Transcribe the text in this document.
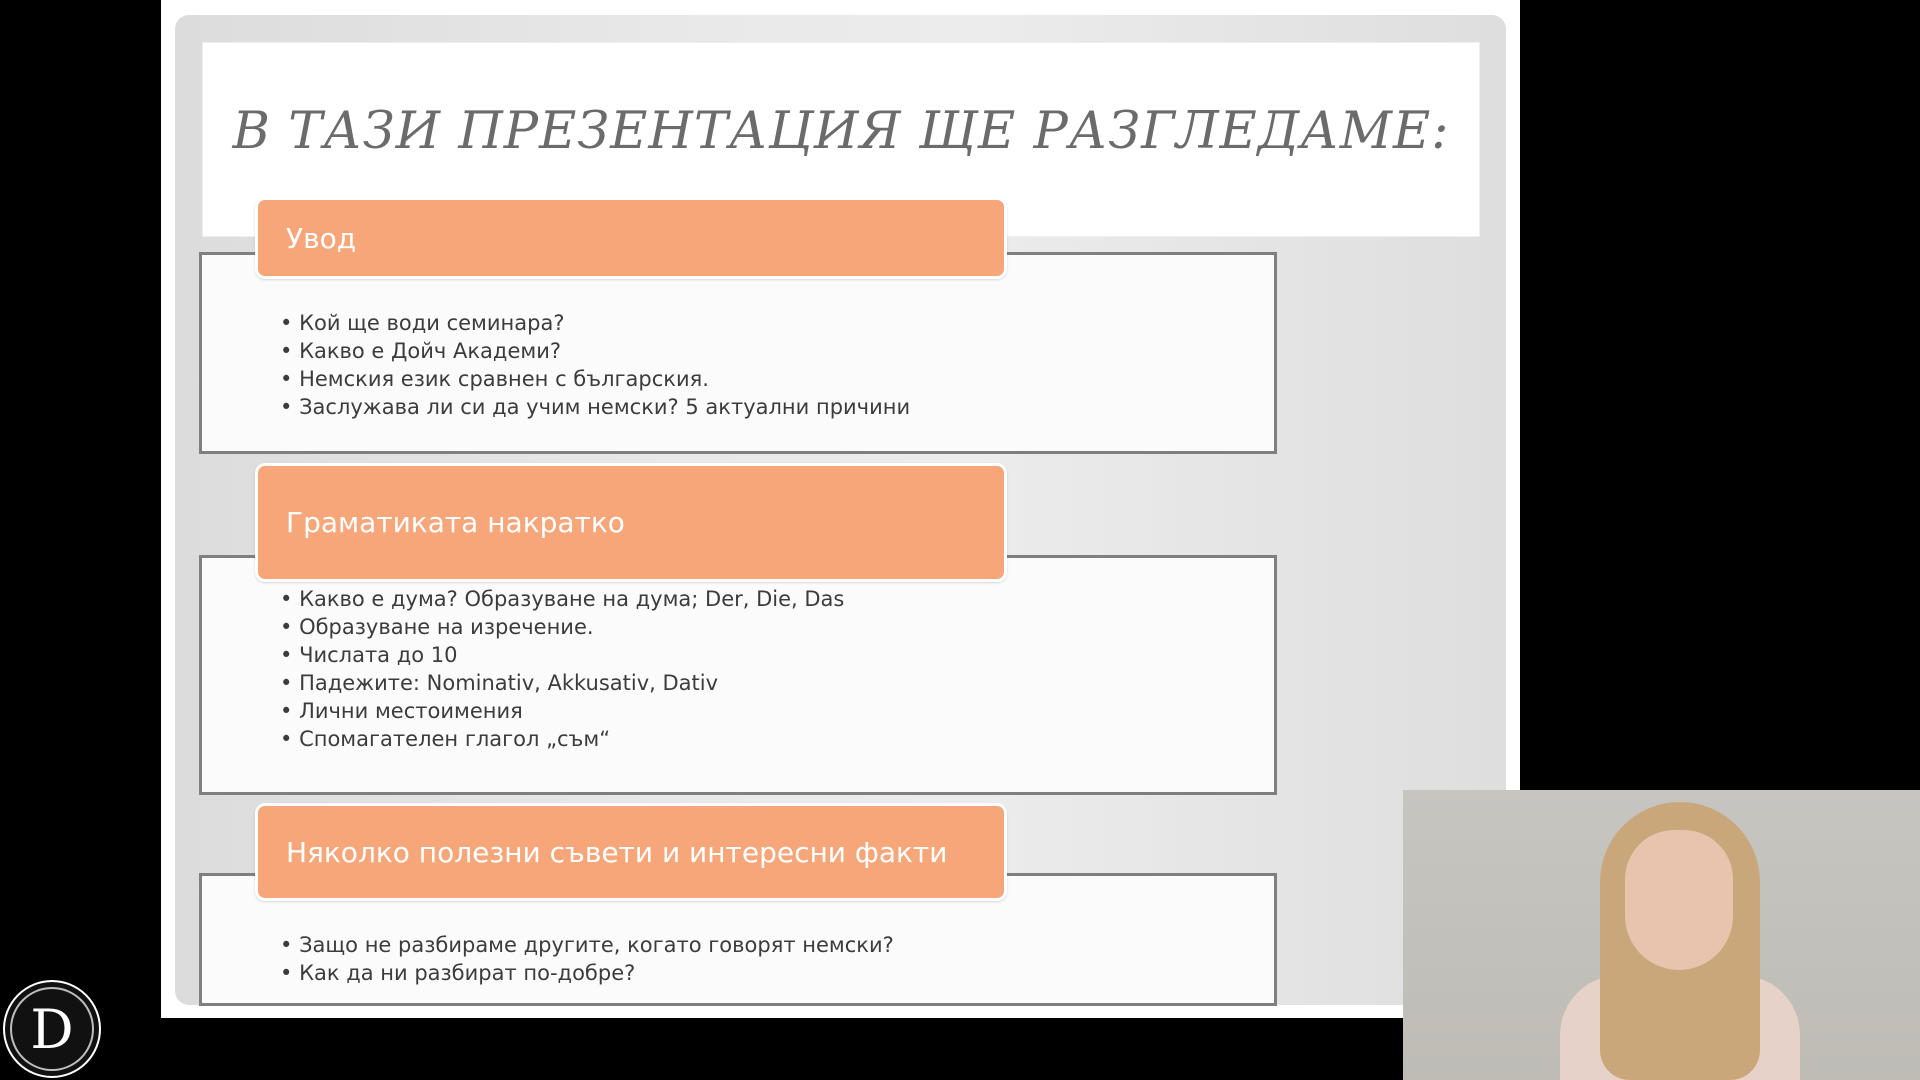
В ТАЗИ ПРЕЗЕНТАЦИЯ ЩЕ РАЗГЛЕДАМЕ:
Увод
• Кой ще води семинара?
• Какво е Дойч Академи?
• Немския език сравнен с българския.
• Заслужава ли си да учим немски? 5 актуални причини
Граматиката накратко
• Какво е дума? Образуване на дума; Der, Die, Das
• Образуване на изречение.
• Числата до 10
• Падежите: Nominativ, Akkusativ, Dativ
• Лични местоимения
• Спомагателен глагол „съм“
Няколко полезни съвети и интересни факти
• Защо не разбираме другите, когато говорят немски?
• Как да ни разбират по-добре?
D
